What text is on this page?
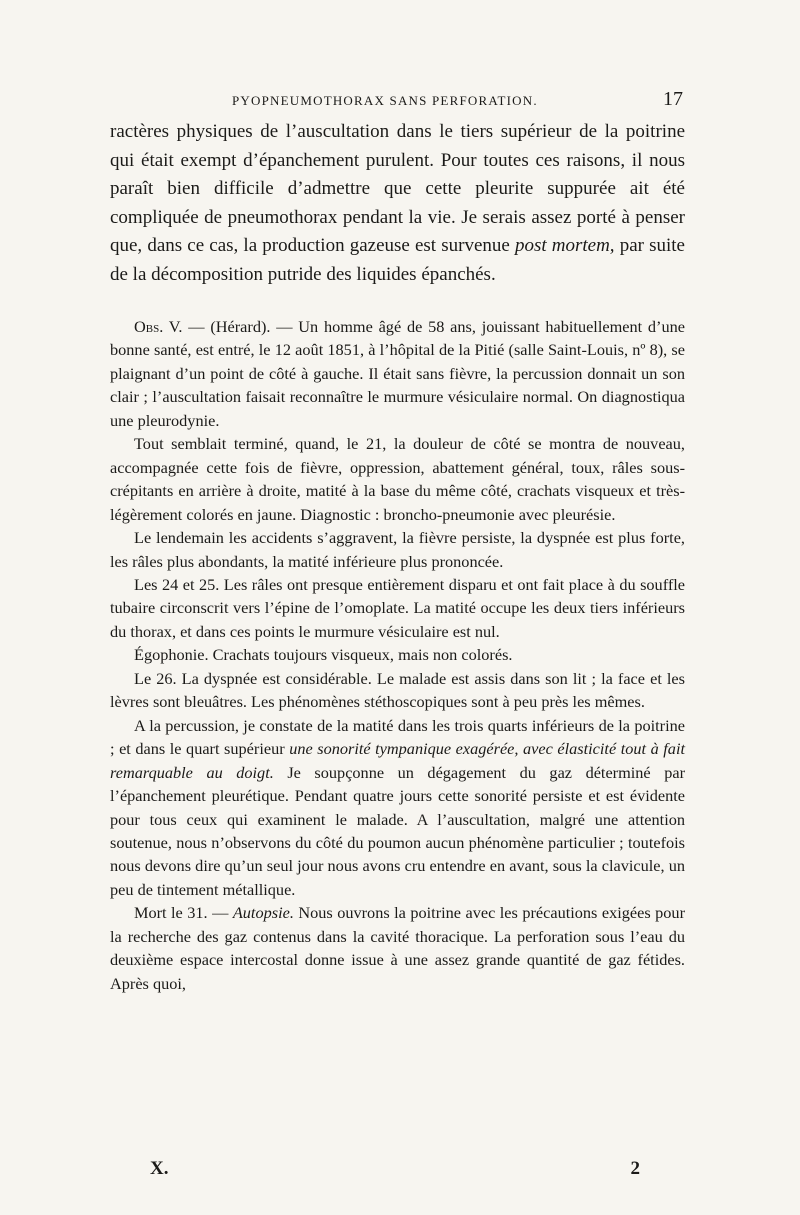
PYOPNEUMOTHORAX SANS PERFORATION.	17

ractères physiques de l’auscultation dans le tiers supérieur de la poitrine qui était exempt d’épanchement purulent. Pour toutes ces raisons, il nous paraît bien difficile d’admettre que cette pleurite suppurée ait été compliquée de pneumothorax pendant la vie. Je serais assez porté à penser que, dans ce cas, la production gazeuse est survenue post mortem, par suite de la décomposition putride des liquides épanchés.

Obs. V. — (Hérard). — Un homme âgé de 58 ans, jouissant habituellement d’une bonne santé, est entré, le 12 août 1851, à l’hôpital de la Pitié (salle Saint-Louis, nº 8), se plaignant d’un point de côté à gauche. Il était sans fièvre, la percussion donnait un son clair ; l’auscultation faisait reconnaître le murmure vésiculaire normal. On diagnostiqua une pleurodynie.

Tout semblait terminé, quand, le 21, la douleur de côté se montra de nouveau, accompagnée cette fois de fièvre, oppression, abattement général, toux, râles sous-crépitants en arrière à droite, matité à la base du même côté, crachats visqueux et très-légèrement colorés en jaune. Diagnostic : broncho-pneumonie avec pleurésie.

Le lendemain les accidents s’aggravent, la fièvre persiste, la dyspnée est plus forte, les râles plus abondants, la matité inférieure plus prononcée.

Les 24 et 25. Les râles ont presque entièrement disparu et ont fait place à du souffle tubaire circonscrit vers l’épine de l’omoplate. La matité occupe les deux tiers inférieurs du thorax, et dans ces points le murmure vésiculaire est nul.

Égophonie. Crachats toujours visqueux, mais non colorés.

Le 26. La dyspnée est considérable. Le malade est assis dans son lit ; la face et les lèvres sont bleuâtres. Les phénomènes stéthoscopiques sont à peu près les mêmes.

A la percussion, je constate de la matité dans les trois quarts inférieurs de la poitrine ; et dans le quart supérieur une sonorité tympanique exagérée, avec élasticité tout à fait remarquable au doigt. Je soupçonne un dégagement du gaz déterminé par l’épanchement pleurétique. Pendant quatre jours cette sonorité persiste et est évidente pour tous ceux qui examinent le malade. A l’auscultation, malgré une attention soutenue, nous n’observons du côté du poumon aucun phénomène particulier ; toutefois nous devons dire qu’un seul jour nous avons cru entendre en avant, sous la clavicule, un peu de tintement métallique.

Mort le 31. — Autopsie. Nous ouvrons la poitrine avec les précautions exigées pour la recherche des gaz contenus dans la cavité thoracique. La perforation sous l’eau du deuxième espace intercostal donne issue à une assez grande quantité de gaz fétides. Après quoi,

X.	2
